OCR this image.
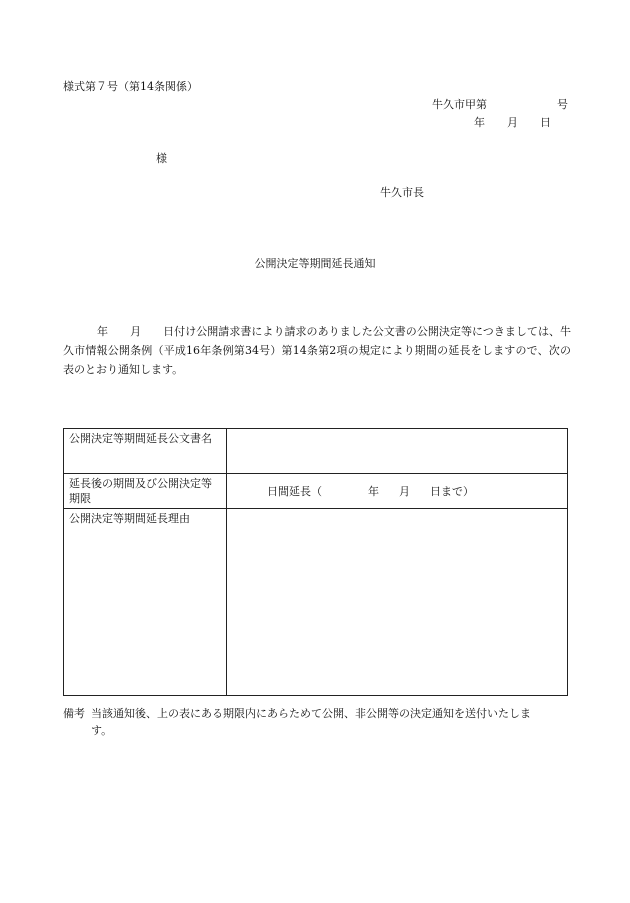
様式第７号（第14条関係）
牛久市甲第	号
年 月 日
様
牛久市長
公開決定等期間延長通知
年 月 日付け公開請求書により請求のありました公文書の公開決定等につきましては、牛久市情報公開条例（平成16年条例第34号）第14条第2項の規定により期間の延長をしますので、次の表のとおり通知します。
公開決定等期間延長公文書名	
延長後の期間及び公開決定等期限	日間延長（ 年 月 日まで）
公開決定等期間延長理由	
備考 当該通知後、上の表にある期限内にあらためて公開、非公開等の決定通知を送付いたしま
す。
